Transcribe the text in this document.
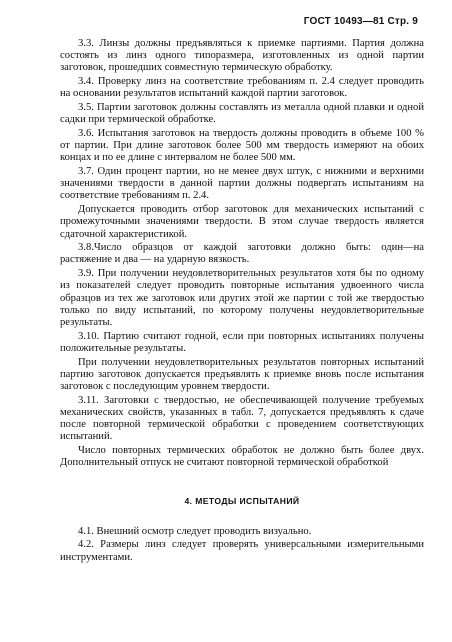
ГОСТ 10493—81 Стр. 9

3.3. Линзы должны предъявляться к приемке партиями. Партия должна состоять из линз одного типоразмера, изготовленных из одной партии заготовок, прошедших совместную термическую обработку.

3.4. Проверку линз на соответствие требованиям п. 2.4 следует проводить на основании результатов испытаний каждой партии заготовок.

3.5. Партии заготовок должны составлять из металла одной плавки и одной садки при термической обработке.

3.6. Испытания заготовок на твердость должны проводить в объеме 100 % от партии. При длине заготовок более 500 мм твердость измеряют на обоих концах и по ее длине с интервалом не более 500 мм.

3.7. Один процент партии, но не менее двух штук, с нижними и верхними значениями твердости в данной партии должны подвергать испытаниям на соответствие требованиям п. 2.4.

Допускается проводить отбор заготовок для механических испытаний с промежуточными значениями твердости. В этом случае твердость является сдаточной характеристикой.

3.8.Число образцов от каждой заготовки должно быть: один—на растяжение и два — на ударную вязкость.

3.9. При получении неудовлетворительных результатов хотя бы по одному из показателей следует проводить повторные испытания удвоенного числа образцов из тех же заготовок или других этой же партии с той же твердостью только по виду испытаний, по которому получены неудовлетворительные результаты.

3.10. Партию считают годной, если при повторных испытаниях получены положительные результаты.

При получении неудовлетворительных результатов повторных испытаний партию заготовок допускается предъявлять к приемке вновь после испытания заготовок с последующим уровнем твердости.

3.11. Заготовки с твердостью, не обеспечивающей получение требуемых механических свойств, указанных в табл. 7, допускается предъявлять к сдаче после повторной термической обработки с проведением соответствующих испытаний.

Число повторных термических обработок не должно быть более двух. Дополнительный отпуск не считают повторной термической обработкой

4. МЕТОДЫ ИСПЫТАНИЙ

4.1. Внешний осмотр следует проводить визуально.

4.2. Размеры линз следует проверять универсальными измерительными инструментами.
